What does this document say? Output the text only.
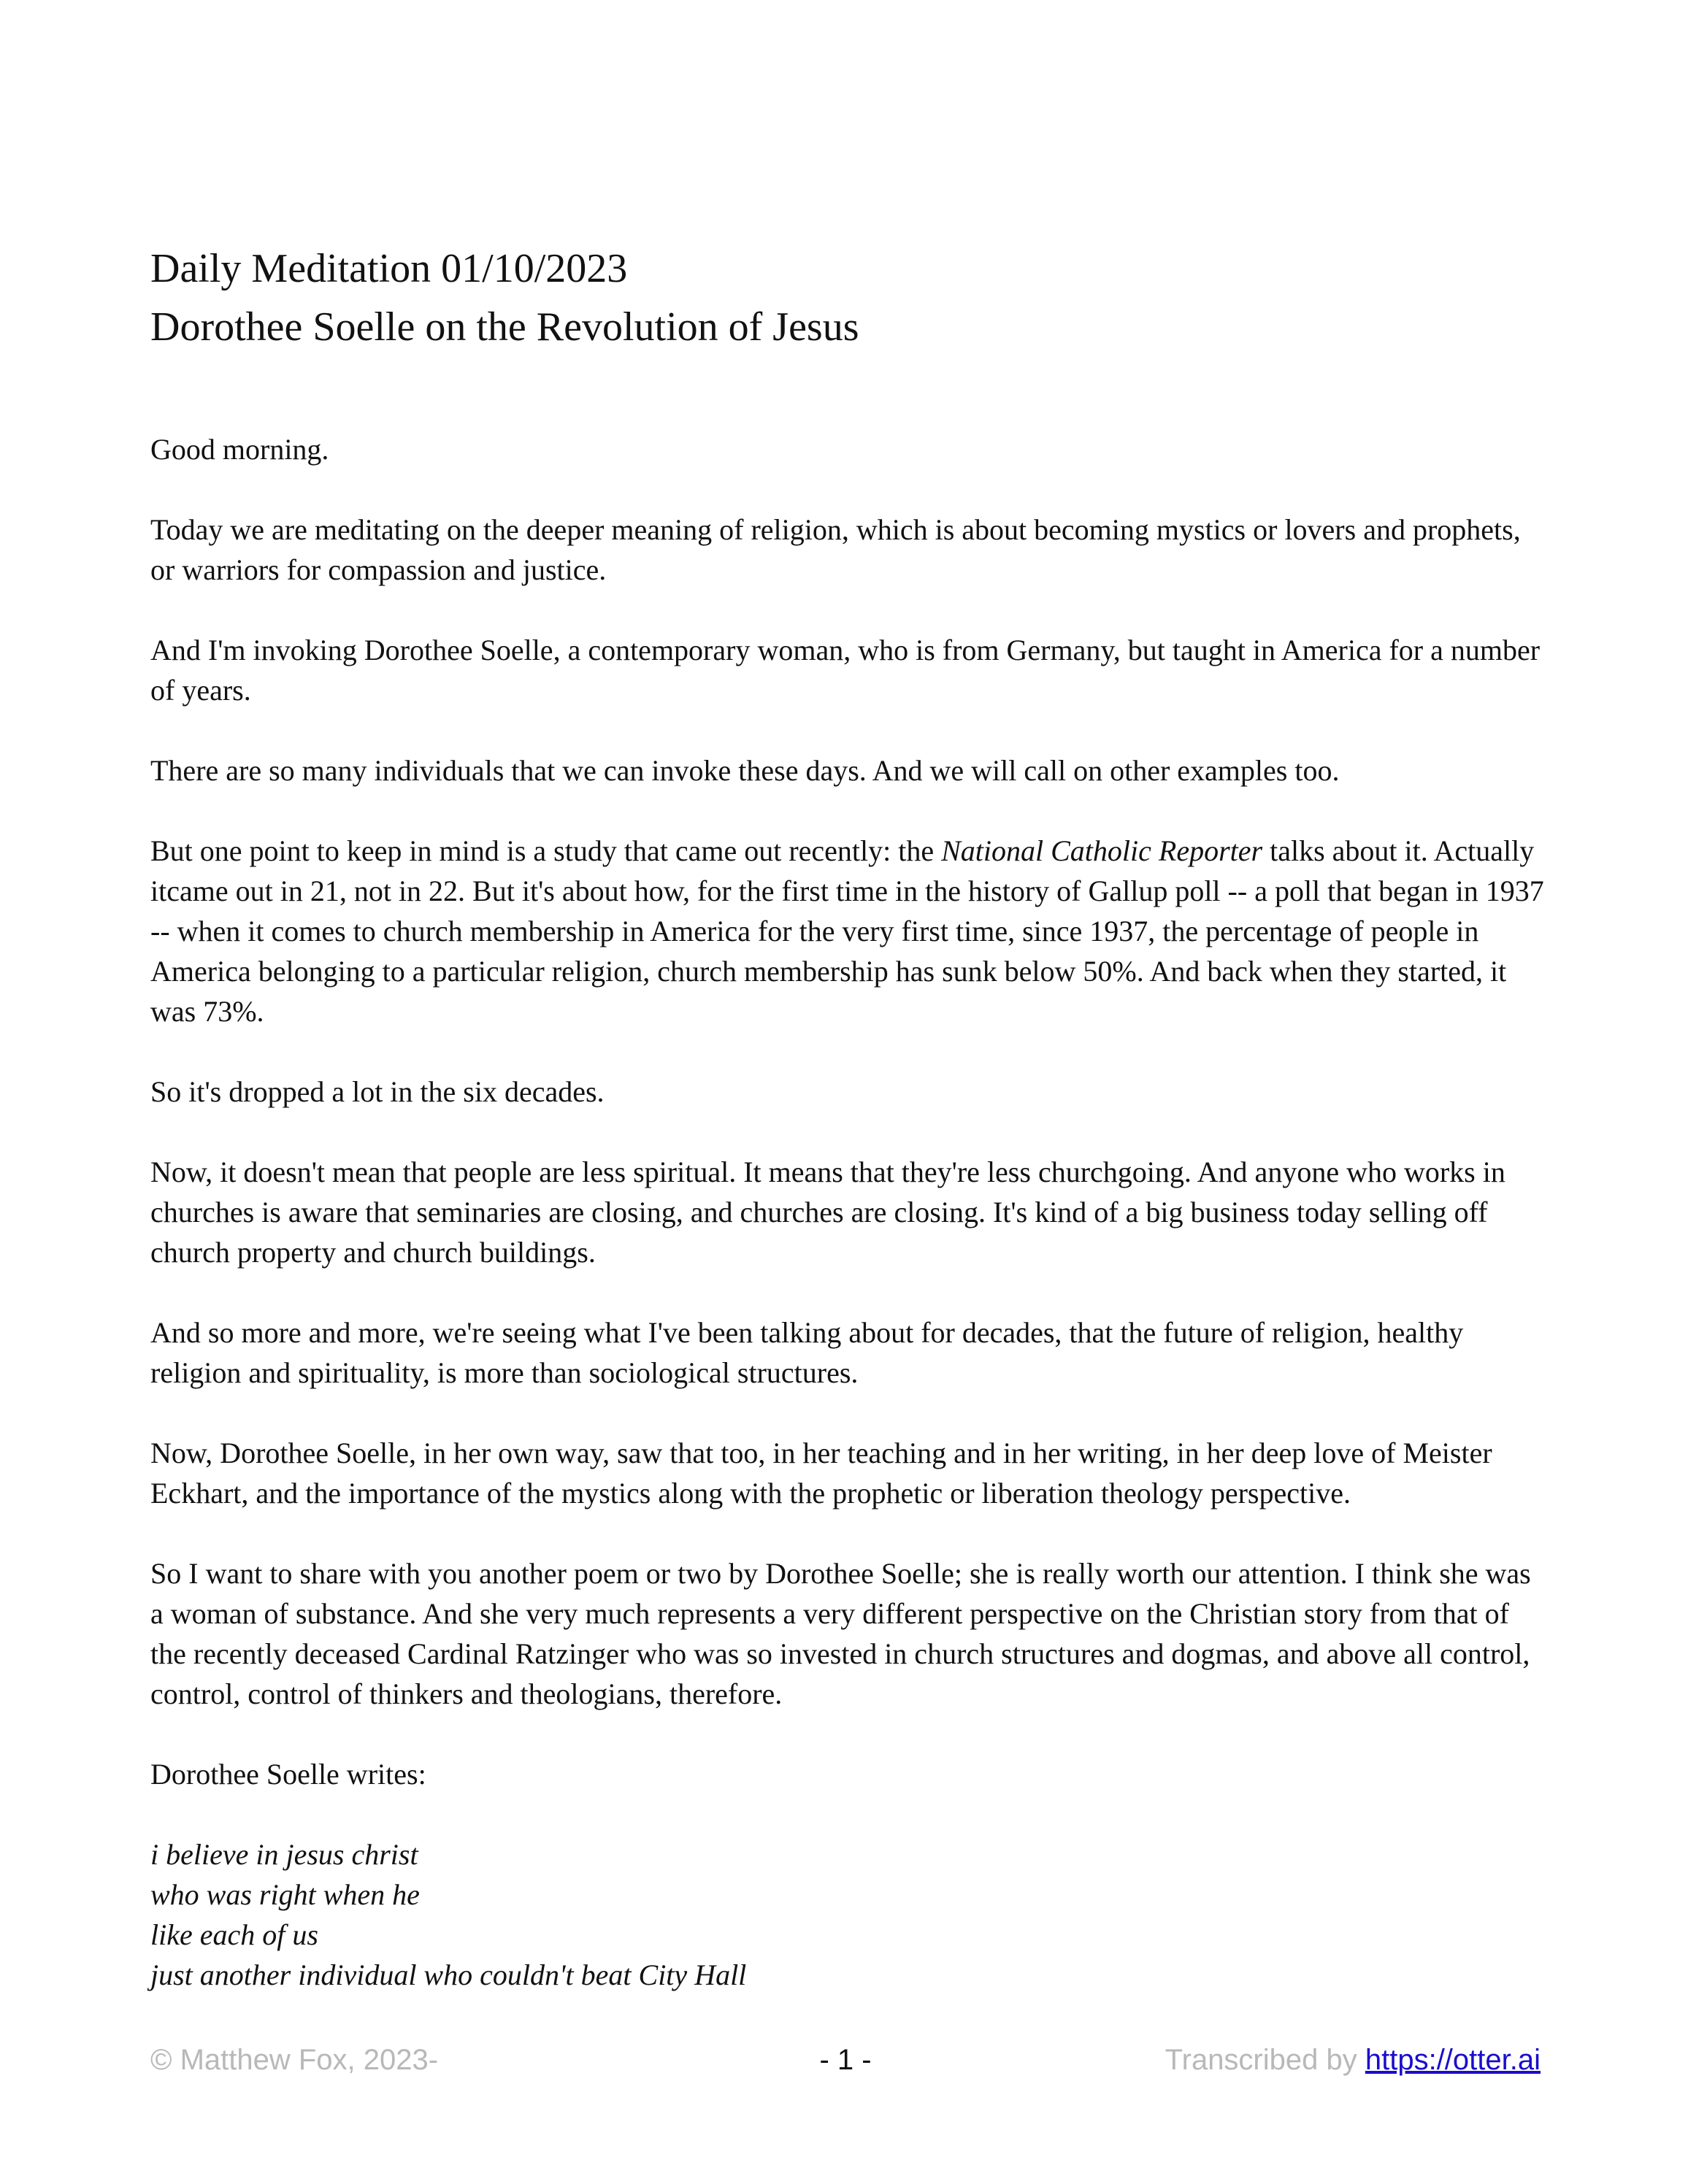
Daily Meditation 01/10/2023
Dorothee Soelle on the Revolution of Jesus

Good morning.

Today we are meditating on the deeper meaning of religion, which is about becoming mystics or lovers and prophets, or warriors for compassion and justice.

And I'm invoking Dorothee Soelle, a contemporary woman, who is from Germany, but taught in America for a number of years.

There are so many individuals that we can invoke these days. And we will call on other examples too.

But one point to keep in mind is a study that came out recently: the National Catholic Reporter talks about it. Actually itcame out in 21, not in 22. But it's about how, for the first time in the history of Gallup poll -- a poll that began in 1937 -- when it comes to church membership in America for the very first time, since 1937, the percentage of people in America belonging to a particular religion, church membership has sunk below 50%. And back when they started, it was 73%.

So it's dropped a lot in the six decades.

Now, it doesn't mean that people are less spiritual. It means that they're less churchgoing. And anyone who works in churches is aware that seminaries are closing, and churches are closing. It's kind of a big business today selling off church property and church buildings.

And so more and more, we're seeing what I've been talking about for decades, that the future of religion, healthy religion and spirituality, is more than sociological structures.

Now, Dorothee Soelle, in her own way, saw that too, in her teaching and in her writing, in her deep love of Meister Eckhart, and the importance of the mystics along with the prophetic or liberation theology perspective.

So I want to share with you another poem or two by Dorothee Soelle; she is really worth our attention. I think she was a woman of substance. And she very much represents a very different perspective on the Christian story from that of the recently deceased Cardinal Ratzinger who was so invested in church structures and dogmas, and above all control, control, control of thinkers and theologians, therefore.

Dorothee Soelle writes:

i believe in jesus christ
who was right when he
like each of us
just another individual who couldn't beat City Hall
© Matthew Fox, 2023-	- 1 -	Transcribed by https://otter.ai
